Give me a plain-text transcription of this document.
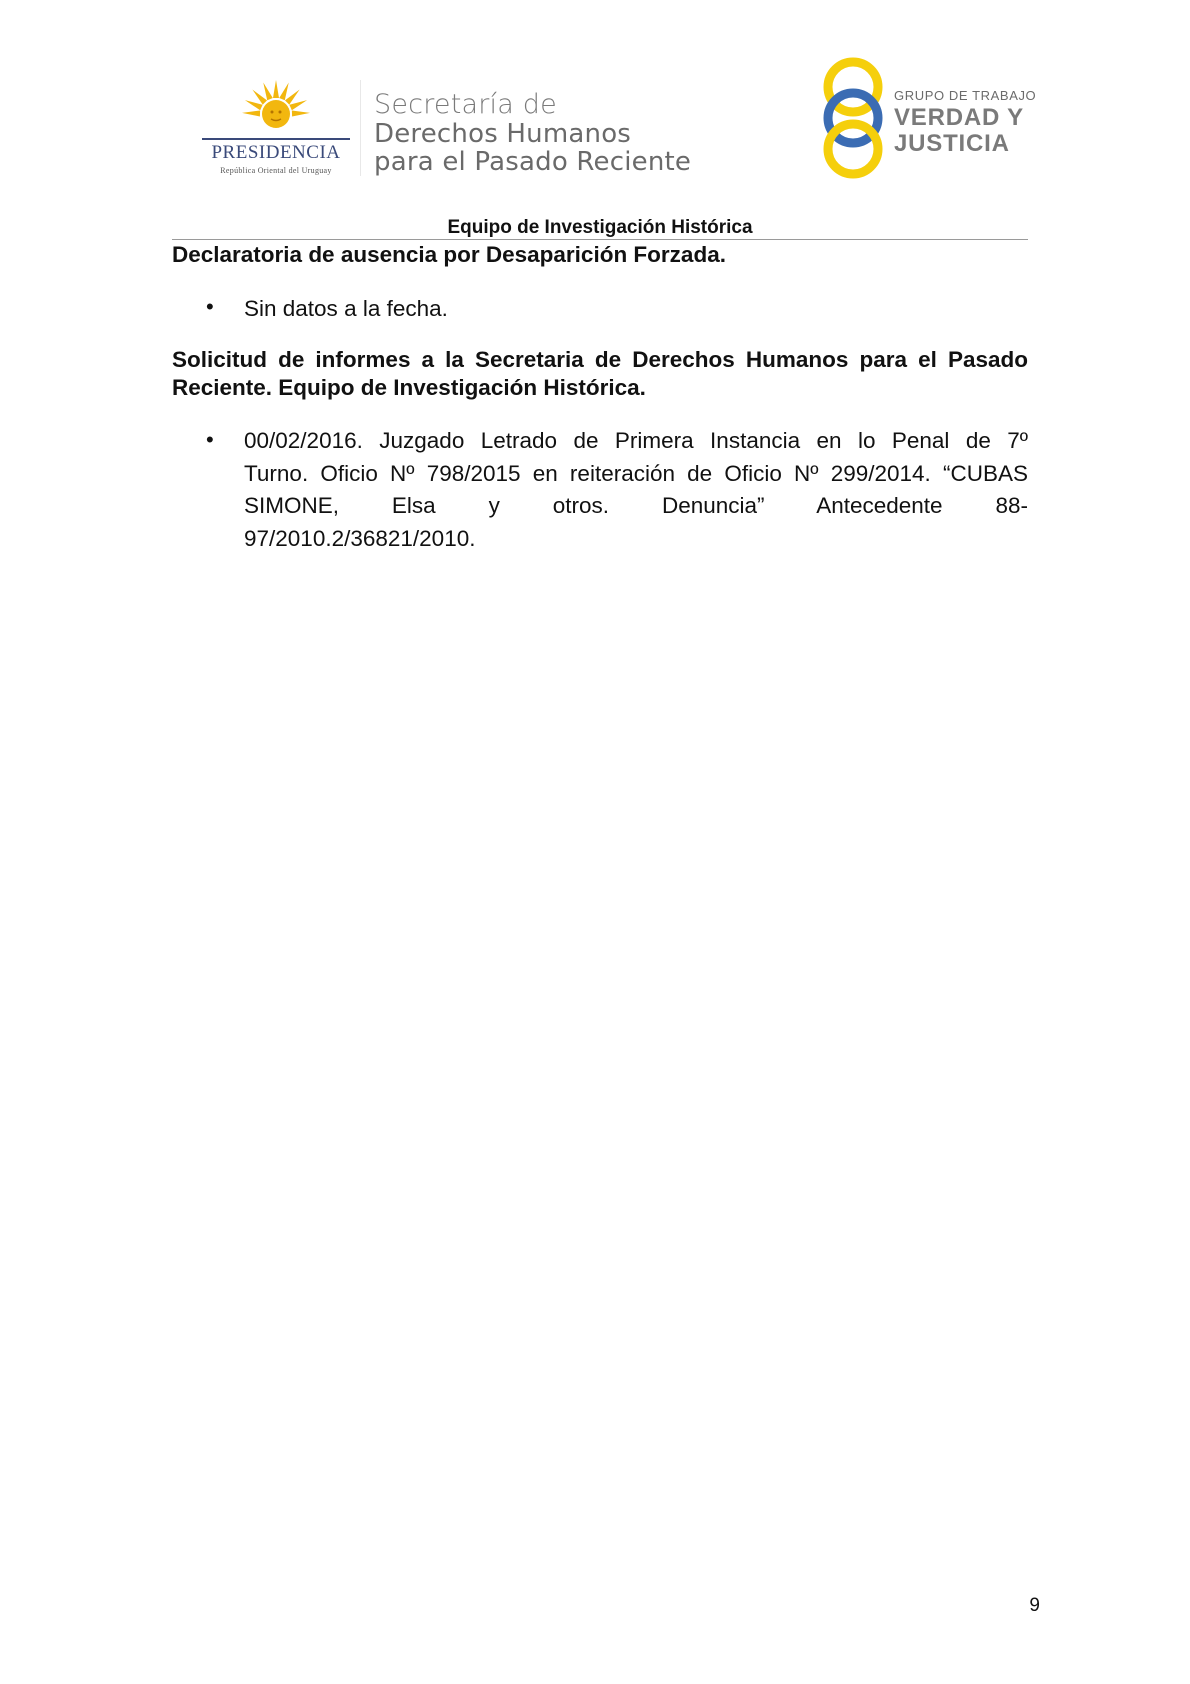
PRESIDENCIA
República Oriental del Uruguay
Secretaría de
Derechos Humanos
para el Pasado Reciente
GRUPO DE TRABAJO
VERDAD Y
JUSTICIA
Equipo de Investigación Histórica
Declaratoria de ausencia por Desaparición Forzada.
• Sin datos a la fecha.
Solicitud de informes a la Secretaria de Derechos Humanos para el Pasado Reciente. Equipo de Investigación Histórica.
• 00/02/2016. Juzgado Letrado de Primera Instancia en lo Penal de 7º
Turno. Oficio Nº 798/2015 en reiteración de Oficio Nº 299/2014. “CUBAS
SIMONE, Elsa y otros. Denuncia” Antecedente 88-
97/2010.2/36821/2010.
9
